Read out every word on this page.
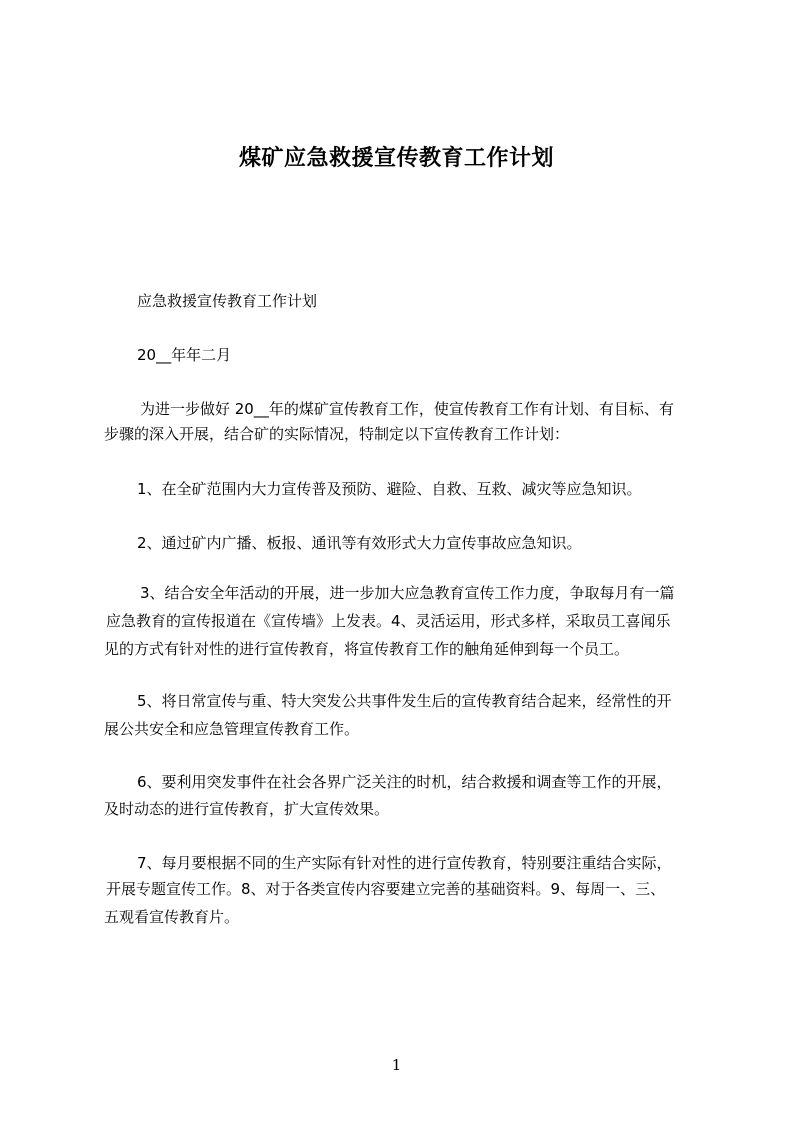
煤矿应急救援宣传教育工作计划
应急救援宣传教育工作计划
20__年年二月
为进一步做好 20__年的煤矿宣传教育工作，使宣传教育工作有计划、有目标、有
步骤的深入开展，结合矿的实际情况，特制定以下宣传教育工作计划：
1、在全矿范围内大力宣传普及预防、避险、自救、互救、减灾等应急知识。
2、通过矿内广播、板报、通讯等有效形式大力宣传事故应急知识。
3、结合安全年活动的开展，进一步加大应急教育宣传工作力度，争取每月有一篇
应急教育的宣传报道在《宣传墙》上发表。4、灵活运用，形式多样，采取员工喜闻乐
见的方式有针对性的进行宣传教育，将宣传教育工作的触角延伸到每一个员工。
5、将日常宣传与重、特大突发公共事件发生后的宣传教育结合起来，经常性的开
展公共安全和应急管理宣传教育工作。
6、要利用突发事件在社会各界广泛关注的时机，结合救援和调查等工作的开展，
及时动态的进行宣传教育，扩大宣传效果。
7、每月要根据不同的生产实际有针对性的进行宣传教育，特别要注重结合实际，
开展专题宣传工作。8、对于各类宣传内容要建立完善的基础资料。9、每周一、三、
五观看宣传教育片。
1
